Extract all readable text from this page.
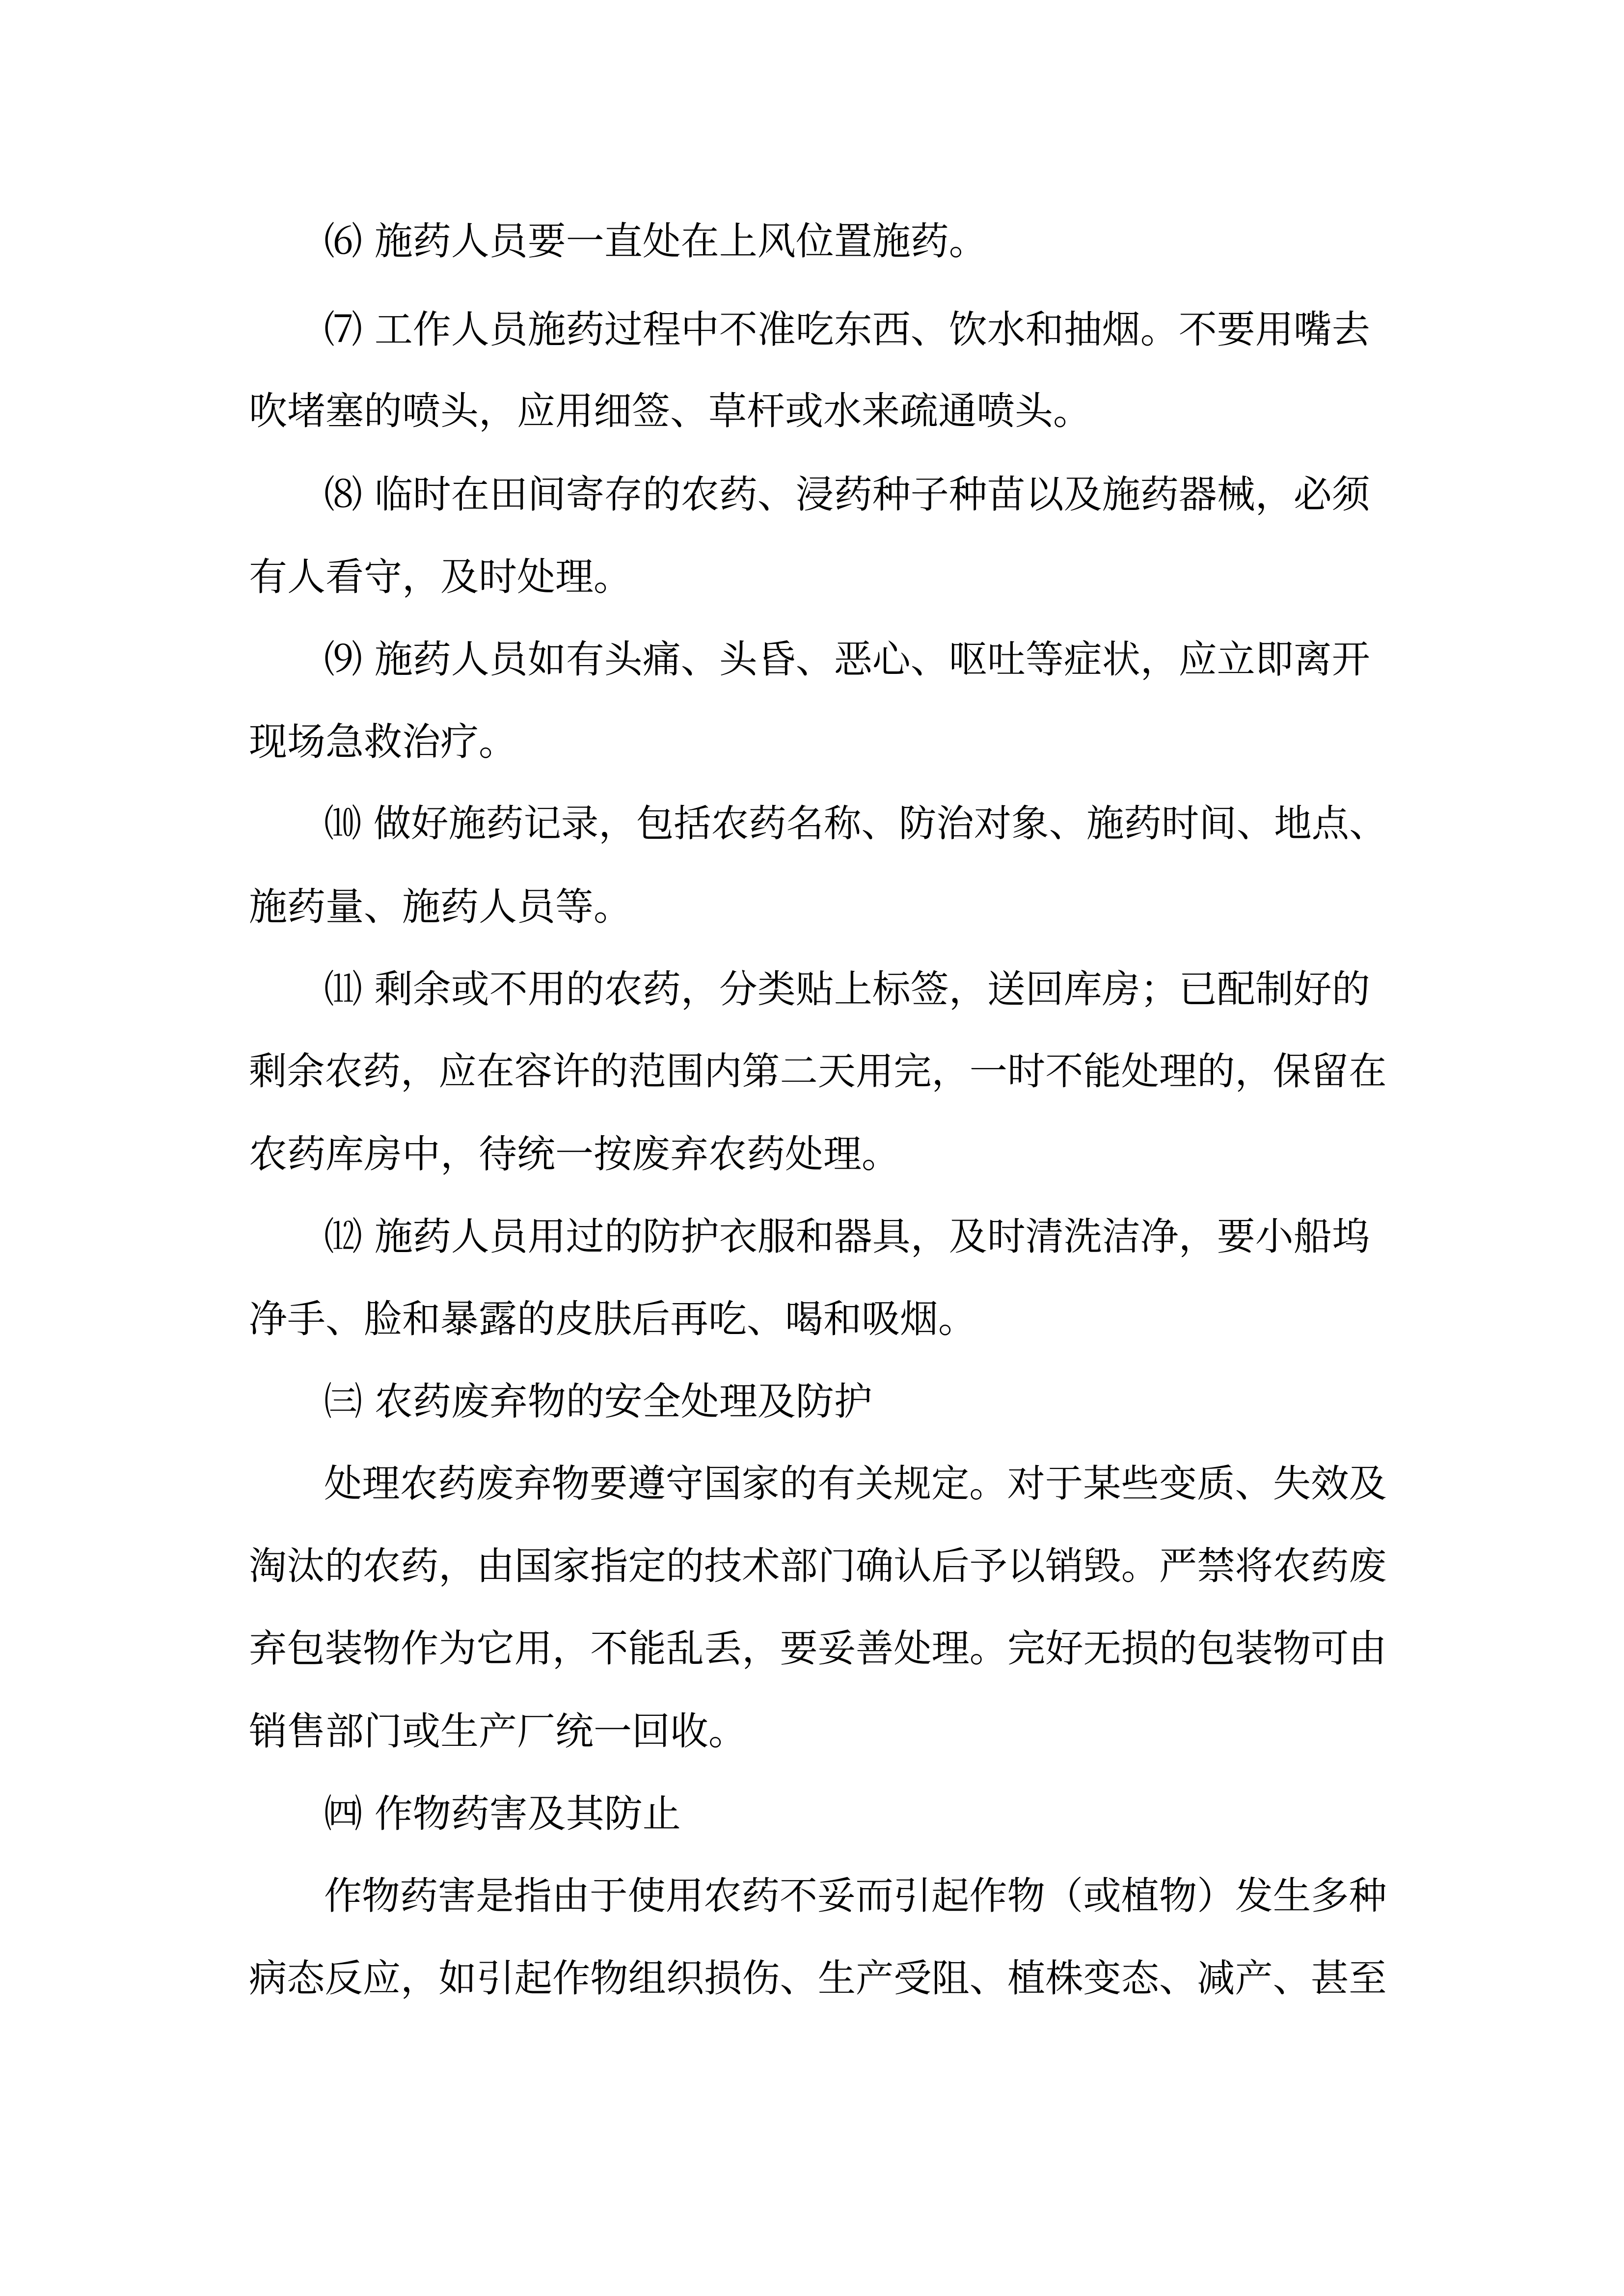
⑹ 施药人员要一直处在上风位置施药。
⑺ 工作人员施药过程中不准吃东西、饮水和抽烟。不要用嘴去
吹堵塞的喷头，应用细签、草杆或水来疏通喷头。
⑻ 临时在田间寄存的农药、浸药种子种苗以及施药器械，必须
有人看守，及时处理。
⑼ 施药人员如有头痛、头昏、恶心、呕吐等症状，应立即离开
现场急救治疗。
⑽ 做好施药记录，包括农药名称、防治对象、施药时间、地点、
施药量、施药人员等。
⑾ 剩余或不用的农药，分类贴上标签，送回库房；已配制好的
剩余农药，应在容许的范围内第二天用完，一时不能处理的，保留在
农药库房中，待统一按废弃农药处理。
⑿ 施药人员用过的防护衣服和器具，及时清洗洁净，要小船坞
净手、脸和暴露的皮肤后再吃、喝和吸烟。
㈢ 农药废弃物的安全处理及防护
处理农药废弃物要遵守国家的有关规定。对于某些变质、失效及
淘汰的农药，由国家指定的技术部门确认后予以销毁。严禁将农药废
弃包装物作为它用，不能乱丢，要妥善处理。完好无损的包装物可由
销售部门或生产厂统一回收。
㈣ 作物药害及其防止
作物药害是指由于使用农药不妥而引起作物（或植物）发生多种
病态反应，如引起作物组织损伤、生产受阻、植株变态、减产、甚至
